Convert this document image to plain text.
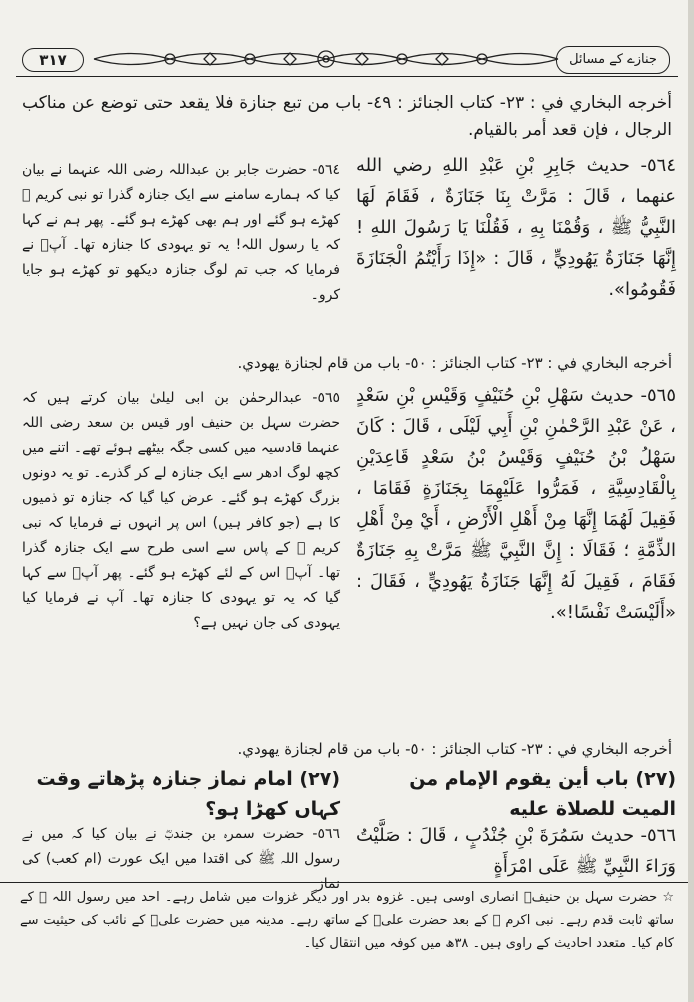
٣١٧	جنازے کے مسائل
أخرجه البخاري في : ٢٣- كتاب الجنائز : ٤٩- باب من تبع جنازة فلا يقعد حتى توضع عن مناكب الرجال ، فإن قعد أمر بالقيام.
٥٦٤- حديث جَابِرِ بْنِ عَبْدِ اللهِ رضي الله عنهما ، قَالَ : مَرَّتْ بِنَا جَنَازَةٌ ، فَقَامَ لَهَا النَّبِيُّ ﷺ ، وَقُمْنَا بِهِ ، فَقُلْنَا يَا رَسُولَ اللهِ ! إِنَّهَا جَنَازَةُ يَهُودِيٍّ ، قَالَ : «إِذَا رَأَيْتُمُ الْجَنَازَةَ فَقُومُوا».
٥٦٤- حضرت جابر بن عبداللہ رضی اللہ عنہما نے بیان کیا کہ ہمارے سامنے سے ایک جنازہ گذرا تو نبی کریم ﷺ کھڑے ہو گئے اور ہم بھی کھڑے ہو گئے۔ پھر ہم نے کہا کہ یا رسول اللہ! یہ تو یہودی کا جنازہ تھا۔ آپؐ نے فرمایا کہ جب تم لوگ جنازہ دیکھو تو کھڑے ہو جایا کرو۔
أخرجه البخاري في : ٢٣- كتاب الجنائز : ٥٠- باب من قام لجنازة يهودي.
٥٦٥- حديث سَهْلِ بْنِ حُنَيْفٍ وَقَيْسِ بْنِ سَعْدٍ ، عَنْ عَبْدِ الرَّحْمٰنِ بْنِ أَبِي لَيْلَى ، قَالَ : كَانَ سَهْلُ بْنُ حُنَيْفٍ وَقَيْسُ بْنُ سَعْدٍ قَاعِدَيْنِ بِالْقَادِسِيَّةِ ، فَمَرُّوا عَلَيْهِمَا بِجَنَازَةٍ فَقَامَا ، فَقِيلَ لَهُمَا إِنَّهَا مِنْ أَهْلِ الْأَرْضِ ، أَيْ مِنْ أَهْلِ الذِّمَّةِ ؛ فَقَالَا : إِنَّ النَّبِيَّ ﷺ مَرَّتْ بِهِ جَنَازَةٌ فَقَامَ ، فَقِيلَ لَهُ إِنَّهَا جَنَازَةُ يَهُودِيٍّ ، فَقَالَ : «أَلَيْسَتْ نَفْسًا!».
٥٦٥- عبدالرحمٰن بن ابی لیلیٰ بیان کرتے ہیں کہ حضرت سہل بن حنیف اور قیس بن سعد رضی اللہ عنہما قادسیہ میں کسی جگہ بیٹھے ہوئے تھے۔ اتنے میں کچھ لوگ ادھر سے ایک جنازہ لے کر گذرے۔ تو یہ دونوں بزرگ کھڑے ہو گئے۔ عرض کیا گیا کہ جنازہ تو ذمیوں کا ہے (جو کافر ہیں) اس پر انہوں نے فرمایا کہ نبی کریم ﷺ کے پاس سے اسی طرح سے ایک جنازہ گذرا تھا۔ آپؐ اس کے لئے کھڑے ہو گئے۔ پھر آپؐ سے کہا گیا کہ یہ تو یہودی کا جنازہ تھا۔ آپ نے فرمایا کیا یہودی کی جان نہیں ہے؟
أخرجه البخاري في : ٢٣- كتاب الجنائز : ٥٠- باب من قام لجنازة يهودي.
(٢٧) باب أين يقوم الإمام من الميت للصلاة عليه
(٢٧) امام نماز جنازہ پڑھاتے وقت کہاں کھڑا ہو؟
٥٦٦- حديث سَمُرَةَ بْنِ جُنْدُبٍ ، قَالَ : صَلَّيْتُ وَرَاءَ النَّبِيِّ ﷺ عَلَى امْرَأَةٍ
٥٦٦- حضرت سمرہ بن جندبؓ نے بیان کیا کہ میں نے رسول اللہ ﷺ کی اقتدا میں ایک عورت (ام کعب) کی نماز
☆ حضرت سہل بن حنیفؓ انصاری اوسی ہیں۔ غزوہ بدر اور دیگر غزوات میں شامل رہے۔ احد میں رسول اللہ ﷺ کے ساتھ ثابت قدم رہے۔ نبی اکرم ﷺ کے بعد حضرت علیؓ کے ساتھ رہے۔ مدینہ میں حضرت علیؓ کے نائب کی حیثیت سے کام کیا۔ متعدد احادیث کے راوی ہیں۔ ٣٨ھ میں کوفہ میں انتقال کیا۔
